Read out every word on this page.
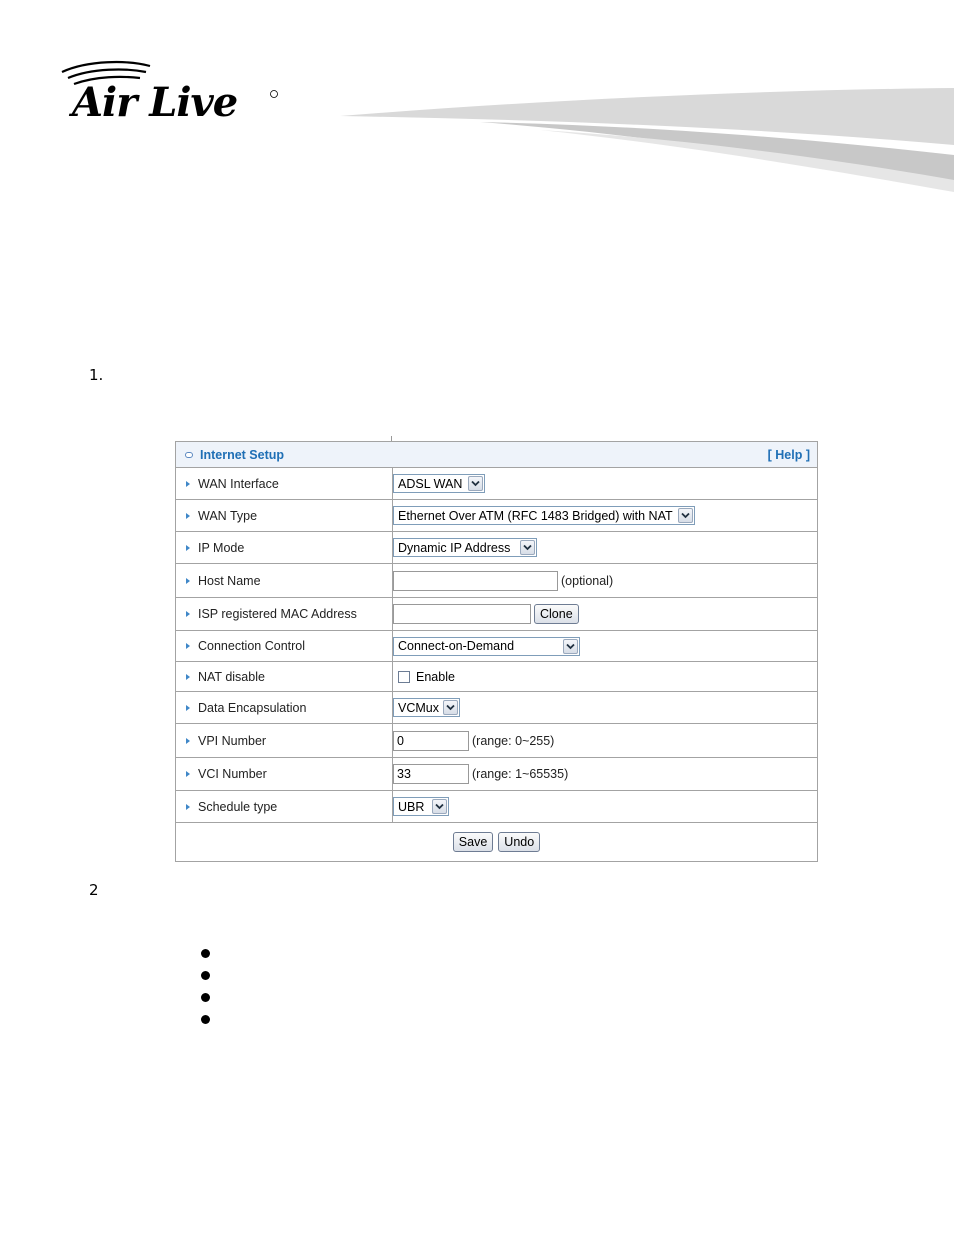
Air Live
1.
Internet Setup	[ Help ]

WAN Interface	ADSL WAN

WAN Type	Ethernet Over ATM (RFC 1483 Bridged) with NAT

IP Mode	Dynamic IP Address

Host Name	(optional)

ISP registered MAC Address	Clone

Connection Control	Connect-on-Demand

NAT disable	Enable

Data Encapsulation	VCMux

VPI Number	0 (range: 0~255)

VCI Number	33 (range: 1~65535)

Schedule type	UBR

Save Undo	
2
